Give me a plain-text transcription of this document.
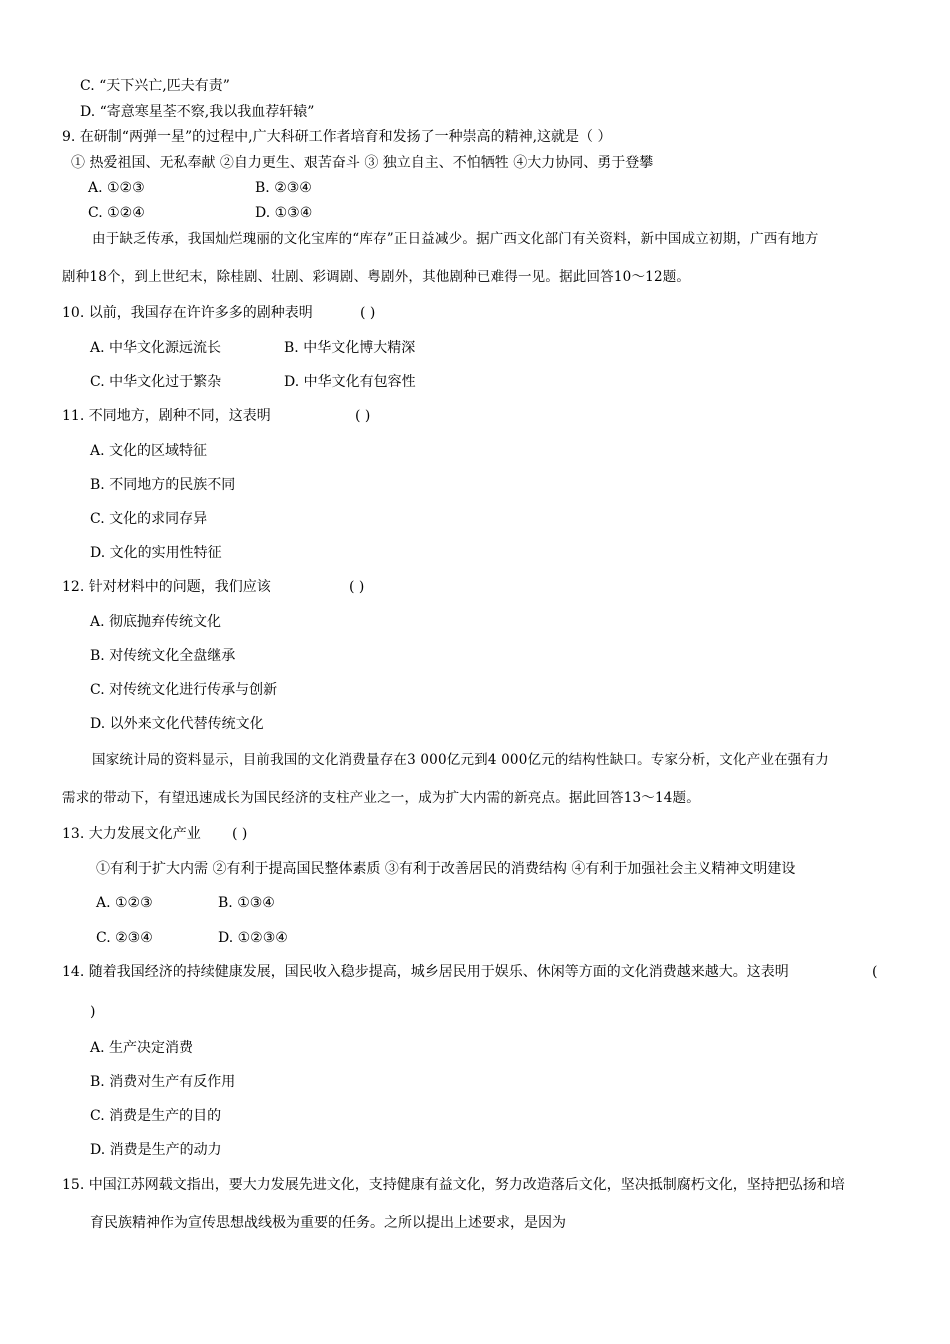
C. “天下兴亡,匹夫有责”
D. “寄意寒星荃不察,我以我血荐轩辕”
9. 在研制“两弹一星”的过程中,广大科研工作者培育和发扬了一种崇高的精神,这就是（ ）
① 热爱祖国、无私奉献 ②自力更生、艰苦奋斗 ③ 独立自主、不怕牺牲 ④大力协同、勇于登攀
A. ①②③	B. ②③④
C. ①②④	D. ①③④
由于缺乏传承，我国灿烂瑰丽的文化宝库的“库存”正日益减少。据广西文化部门有关资料，新中国成立初期，广西有地方
剧种18个，到上世纪末，除桂剧、壮剧、彩调剧、粤剧外，其他剧种已难得一见。据此回答10～12题。
10. 以前，我国存在许许多多的剧种表明	( )
A. 中华文化源远流长	B. 中华文化博大精深
C. 中华文化过于繁杂	D. 中华文化有包容性
11. 不同地方，剧种不同，这表明	( )
A. 文化的区域特征
B. 不同地方的民族不同
C. 文化的求同存异
D. 文化的实用性特征
12. 针对材料中的问题，我们应该	( )
A. 彻底抛弃传统文化
B. 对传统文化全盘继承
C. 对传统文化进行传承与创新
D. 以外来文化代替传统文化
国家统计局的资料显示，目前我国的文化消费量存在3 000亿元到4 000亿元的结构性缺口。专家分析，文化产业在强有力
需求的带动下，有望迅速成长为国民经济的支柱产业之一，成为扩大内需的新亮点。据此回答13～14题。
13. 大力发展文化产业 ( )
①有利于扩大内需 ②有利于提高国民整体素质 ③有利于改善居民的消费结构 ④有利于加强社会主义精神文明建设
A. ①②③	B. ①③④
C. ②③④	D. ①②③④
14. 随着我国经济的持续健康发展，国民收入稳步提高，城乡居民用于娱乐、休闲等方面的文化消费越来越大。这表明	(
)
A. 生产决定消费
B. 消费对生产有反作用
C. 消费是生产的目的
D. 消费是生产的动力
15. 中国江苏网载文指出，要大力发展先进文化，支持健康有益文化，努力改造落后文化，坚决抵制腐朽文化，坚持把弘扬和培
育民族精神作为宣传思想战线极为重要的任务。之所以提出上述要求，是因为
